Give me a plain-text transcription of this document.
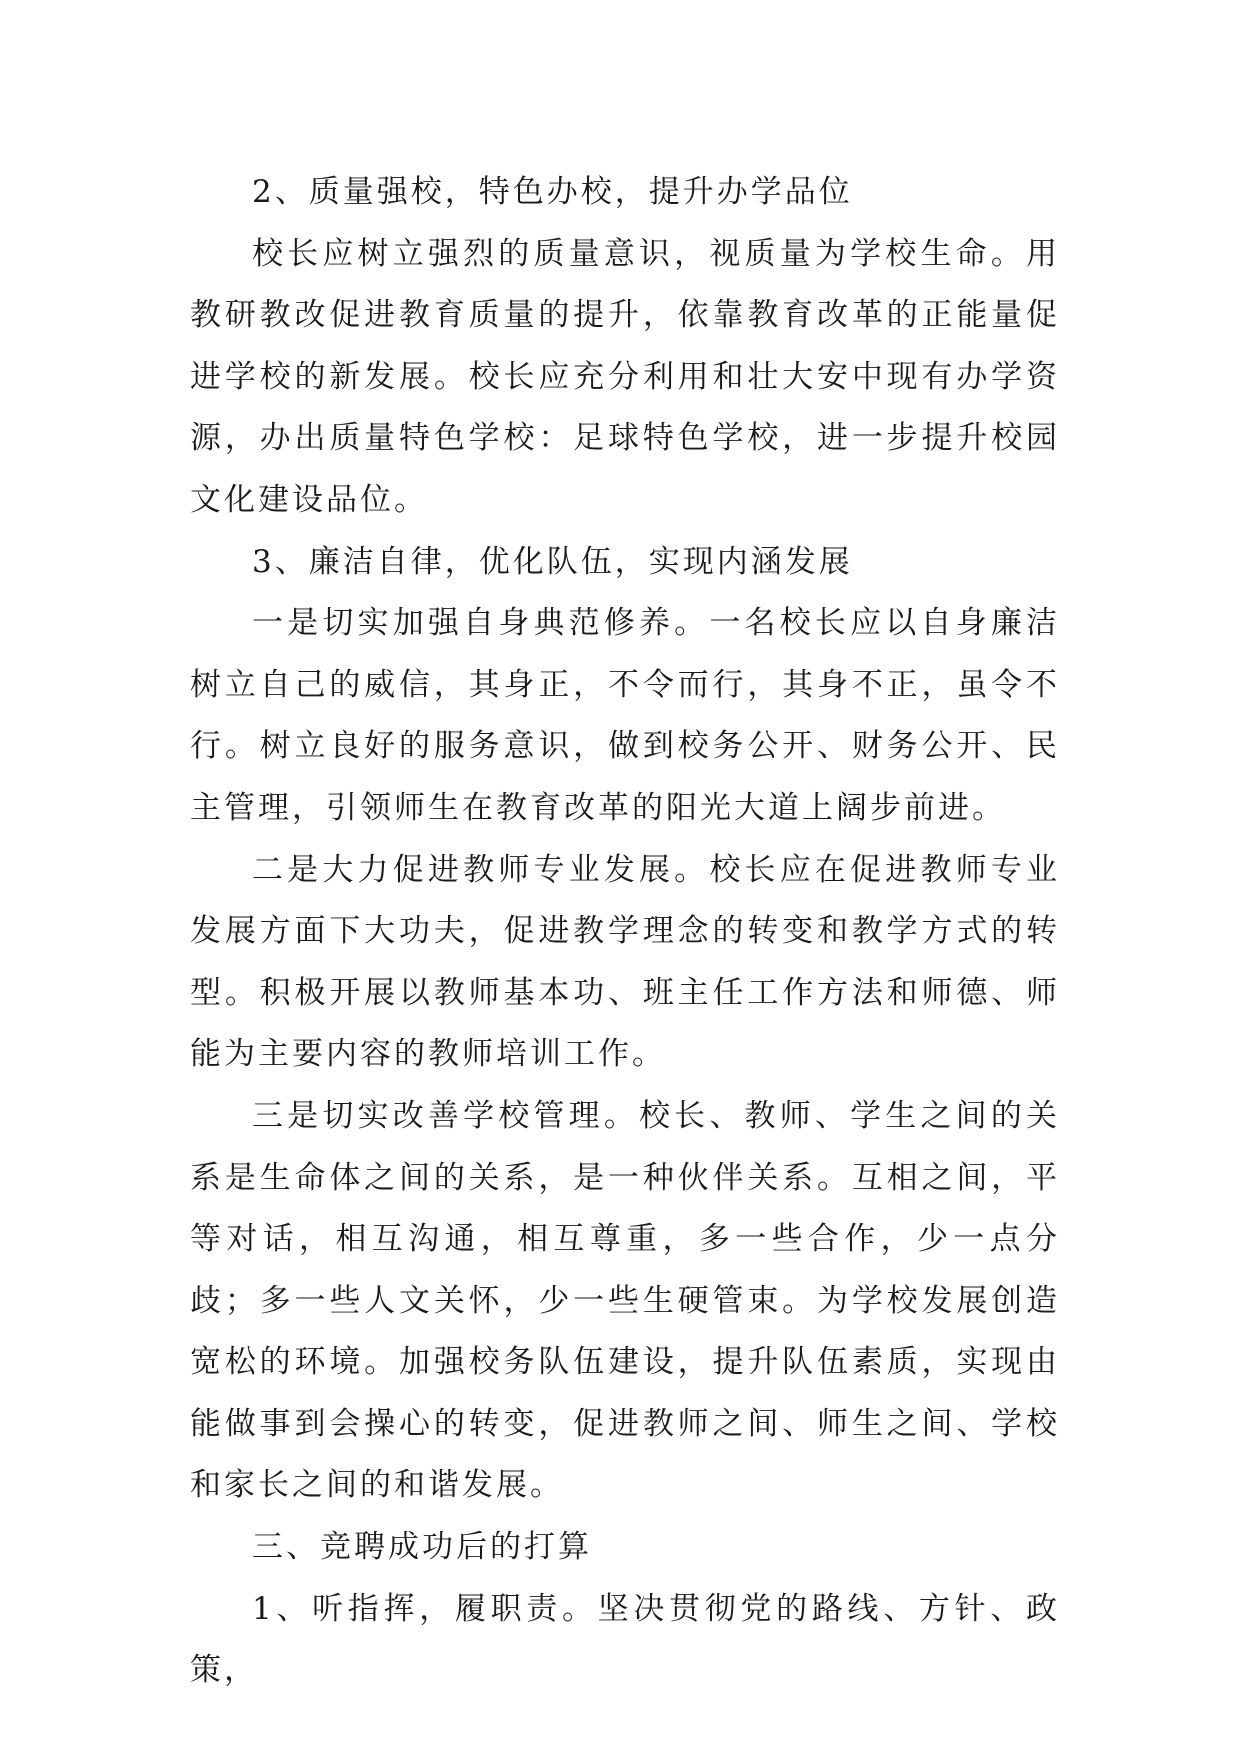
2、质量强校，特色办校，提升办学品位

校长应树立强烈的质量意识，视质量为学校生命。用教研教改促进教育质量的提升，依靠教育改革的正能量促进学校的新发展。校长应充分利用和壮大安中现有办学资源，办出质量特色学校：足球特色学校，进一步提升校园文化建设品位。

3、廉洁自律，优化队伍，实现内涵发展

一是切实加强自身典范修养。一名校长应以自身廉洁树立自己的威信，其身正，不令而行，其身不正，虽令不行。树立良好的服务意识，做到校务公开、财务公开、民主管理，引领师生在教育改革的阳光大道上阔步前进。

二是大力促进教师专业发展。校长应在促进教师专业发展方面下大功夫，促进教学理念的转变和教学方式的转型。积极开展以教师基本功、班主任工作方法和师德、师能为主要内容的教师培训工作。

三是切实改善学校管理。校长、教师、学生之间的关系是生命体之间的关系，是一种伙伴关系。互相之间，平等对话，相互沟通，相互尊重，多一些合作，少一点分歧；多一些人文关怀，少一些生硬管束。为学校发展创造宽松的环境。加强校务队伍建设，提升队伍素质，实现由能做事到会操心的转变，促进教师之间、师生之间、学校和家长之间的和谐发展。

三、竞聘成功后的打算

1、听指挥，履职责。坚决贯彻党的路线、方针、政策，
